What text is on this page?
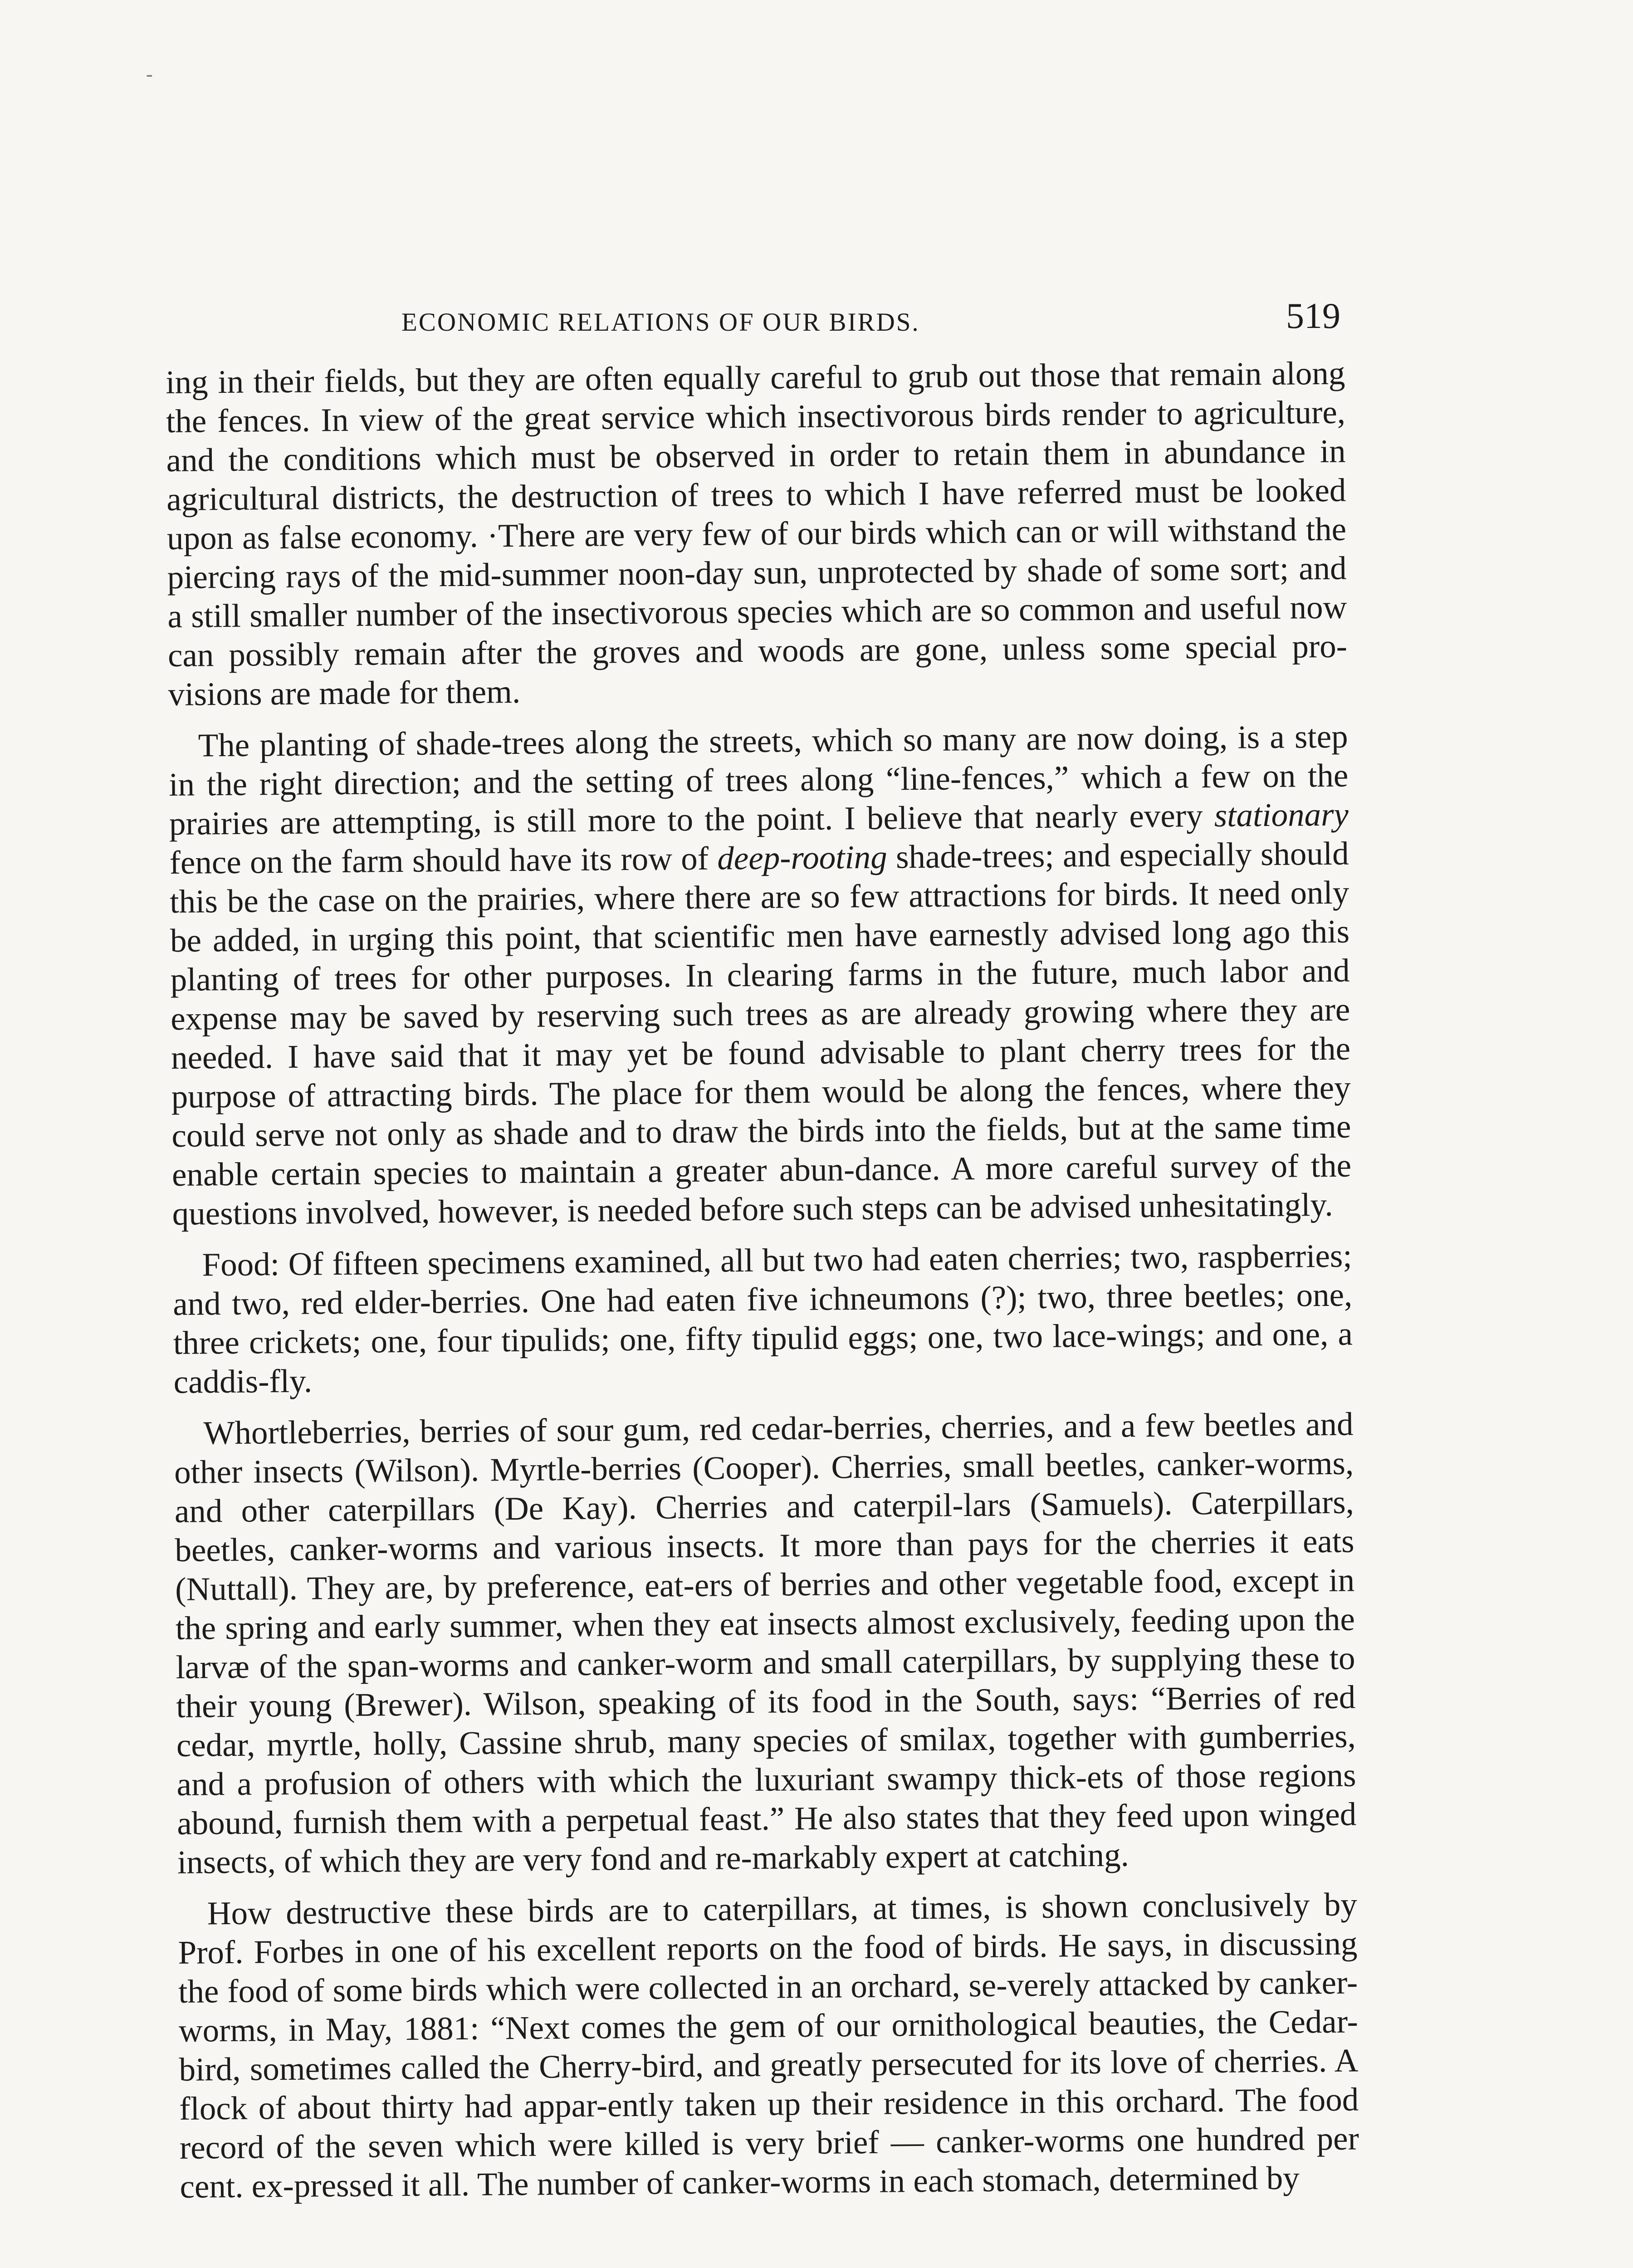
-
ECONOMIC RELATIONS OF OUR BIRDS.	519

ing in their fields, but they are often equally careful to grub out those that remain along the fences. In view of the great service which insectivorous birds render to agriculture, and the conditions which must be observed in order to retain them in abundance in agricultural districts, the destruction of trees to which I have referred must be looked upon as false economy. ·There are very few of our birds which can or will withstand the piercing rays of the mid-summer noon-day sun, unprotected by shade of some sort; and a still smaller number of the insectivorous species which are so common and useful now can possibly remain after the groves and woods are gone, unless some special pro-visions are made for them.

The planting of shade-trees along the streets, which so many are now doing, is a step in the right direction; and the setting of trees along “line-fences,” which a few on the prairies are attempting, is still more to the point. I believe that nearly every stationary fence on the farm should have its row of deep-rooting shade-trees; and especially should this be the case on the prairies, where there are so few attractions for birds. It need only be added, in urging this point, that scientific men have earnestly advised long ago this planting of trees for other purposes. In clearing farms in the future, much labor and expense may be saved by reserving such trees as are already growing where they are needed. I have said that it may yet be found advisable to plant cherry trees for the purpose of attracting birds. The place for them would be along the fences, where they could serve not only as shade and to draw the birds into the fields, but at the same time enable certain species to maintain a greater abun-dance. A more careful survey of the questions involved, however, is needed before such steps can be advised unhesitatingly.

Food: Of fifteen specimens examined, all but two had eaten cherries; two, raspberries; and two, red elder-berries. One had eaten five ichneumons (?); two, three beetles; one, three crickets; one, four tipulids; one, fifty tipulid eggs; one, two lace-wings; and one, a caddis-fly.

Whortleberries, berries of sour gum, red cedar-berries, cherries, and a few beetles and other insects (Wilson). Myrtle-berries (Cooper). Cherries, small beetles, canker-worms, and other caterpillars (De Kay). Cherries and caterpil-lars (Samuels). Caterpillars, beetles, canker-worms and various insects. It more than pays for the cherries it eats (Nuttall). They are, by preference, eat-ers of berries and other vegetable food, except in the spring and early summer, when they eat insects almost exclusively, feeding upon the larvæ of the span-worms and canker-worm and small caterpillars, by supplying these to their young (Brewer). Wilson, speaking of its food in the South, says: “Berries of red cedar, myrtle, holly, Cassine shrub, many species of smilax, together with gumberries, and a profusion of others with which the luxuriant swampy thick-ets of those regions abound, furnish them with a perpetual feast.” He also states that they feed upon winged insects, of which they are very fond and re-markably expert at catching.

How destructive these birds are to caterpillars, at times, is shown conclusively by Prof. Forbes in one of his excellent reports on the food of birds. He says, in discussing the food of some birds which were collected in an orchard, se-verely attacked by canker-worms, in May, 1881: “Next comes the gem of our ornithological beauties, the Cedar-bird, sometimes called the Cherry-bird, and greatly persecuted for its love of cherries. A flock of about thirty had appar-ently taken up their residence in this orchard. The food record of the seven which were killed is very brief — canker-worms one hundred per cent. ex-pressed it all. The number of canker-worms in each stomach, determined by
